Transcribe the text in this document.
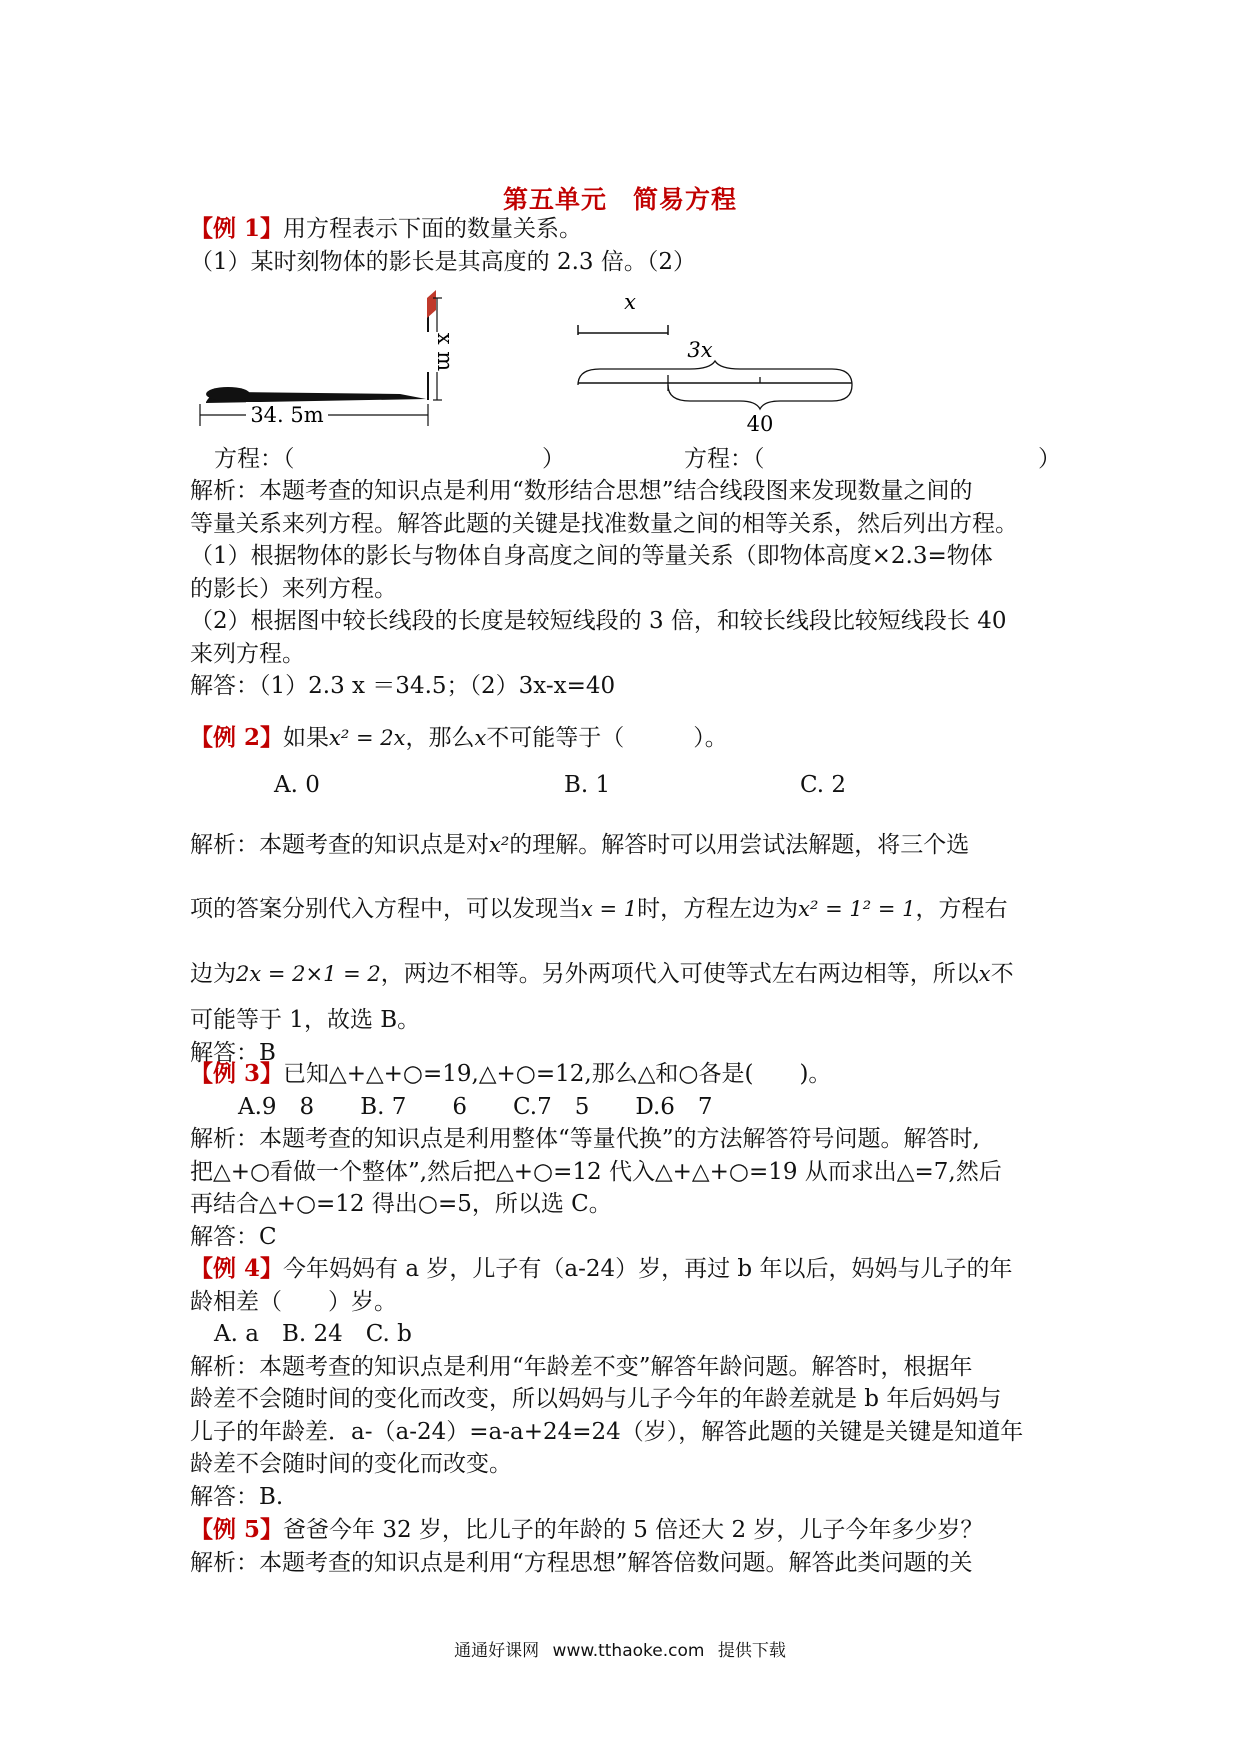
第五单元 简易方程
【例 1】用方程表示下面的数量关系。
（1）某时刻物体的影长是其高度的 2.3 倍。（2）
x m
34. 5m
x
3x
40
方程：（	）	方程：（	）
解析：本题考查的知识点是利用“数形结合思想”结合线段图来发现数量之间的
等量关系来列方程。解答此题的关键是找准数量之间的相等关系，然后列出方程。
（1）根据物体的影长与物体自身高度之间的等量关系（即物体高度×2.3=物体
的影长）来列方程。
（2）根据图中较长线段的长度是较短线段的 3 倍，和较长线段比较短线段长 40
来列方程。
解答：（1）2.3 x ＝34.5；（2）3x-x=40
【例 2】如果x² = 2x，那么x不可能等于（　　　）。
A. 0	B. 1	C. 2
解析：本题考查的知识点是对x²的理解。解答时可以用尝试法解题，将三个选
项的答案分别代入方程中，可以发现当x = 1时，方程左边为x² = 1² = 1，方程右
边为2x = 2×1 = 2，两边不相等。另外两项代入可使等式左右两边相等，所以x不
可能等于 1，故选 B。
解答：B
【例 3】已知△+△+○=19,△+○=12,那么△和○各是(　　)。
A.9　8　　B. 7　　6　　C.7　5　　D.6　7
解析：本题考查的知识点是利用整体“等量代换”的方法解答符号问题。解答时,
把△+○看做一个整体”,然后把△+○=12 代入△+△+○=19 从而求出△=7,然后
再结合△+○=12 得出○=5，所以选 C。
解答：C
【例 4】今年妈妈有 a 岁，儿子有（a-24）岁，再过 b 年以后，妈妈与儿子的年
龄相差（　　）岁。
A. a　B. 24　C. b
解析：本题考查的知识点是利用“年龄差不变”解答年龄问题。解答时，根据年
龄差不会随时间的变化而改变，所以妈妈与儿子今年的年龄差就是 b 年后妈妈与
儿子的年龄差．a-（a-24）=a-a+24=24（岁），解答此题的关键是关键是知道年
龄差不会随时间的变化而改变。
解答：B.
【例 5】爸爸今年 32 岁，比儿子的年龄的 5 倍还大 2 岁，儿子今年多少岁？
解析：本题考查的知识点是利用“方程思想”解答倍数问题。解答此类问题的关
通通好课网 www.tthaoke.com 提供下载
